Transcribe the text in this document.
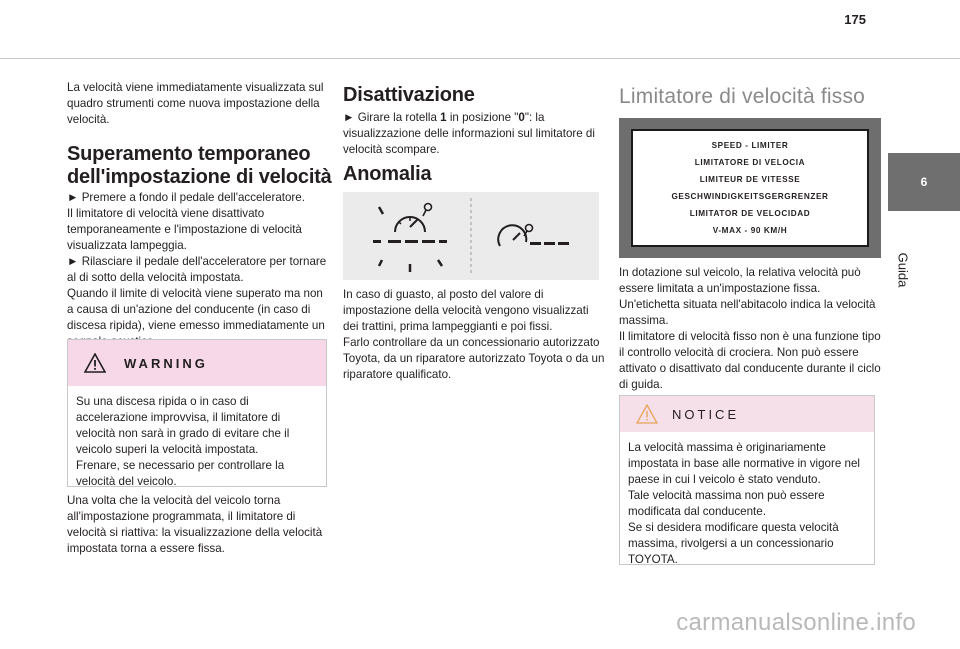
175
6
Guida

La velocità viene immediatamente visualizzata sul quadro strumenti come nuova impostazione della velocità.

Superamento temporaneo dell'impostazione di velocità

► Premere a fondo il pedale dell'acceleratore.

Il limitatore di velocità viene disattivato temporaneamente e l'impostazione di velocità visualizzata lampeggia.

► Rilasciare il pedale dell'acceleratore per tornare al di sotto della velocità impostata.

Quando il limite di velocità viene superato ma non a causa di un'azione del conducente (in caso di discesa ripida), viene emesso immediatamente un

WARNING

Su una discesa ripida o in caso di accelerazione improvvisa, il limitatore di velocità non sarà in grado di evitare che il veicolo superi la velocità impostata.

Frenare, se necessario per controllare la velocità del veicolo.

Una volta che la velocità del veicolo torna all'impostazione programmata, il limitatore di velocità si riattiva: la visualizzazione della velocità impostata torna a essere fissa.

Disattivazione

► Girare la rotella 1 in posizione "0": la visualizzazione delle informazioni sul limitatore di velocità scompare.

Anomalia

In caso di guasto, al posto del valore di impostazione della velocità vengono visualizzati dei trattini, prima lampeggianti e poi fissi.

Farlo controllare da un concessionario autorizzato Toyota, da un riparatore autorizzato Toyota o da un riparatore qualificato.

Limitatore di velocità fisso
SPEED - LIMITER
LIMITATORE DI VELOCIA
LIMITEUR DE VITESSE
GESCHWINDIGKEITSGERGRENZER
LIMITATOR DE VELOCIDAD
V-MAX - 90 KM/H

In dotazione sul veicolo, la relativa velocità può essere limitata a un'impostazione fissa.

Un'etichetta situata nell'abitacolo indica la velocità massima.

Il limitatore di velocità fisso non è una funzione tipo il controllo velocità di crociera. Non può essere attivato o disattivato dal conducente durante il ciclo di guida.

NOTICE

La velocità massima è originariamente impostata in base alle normative in vigore nel paese in cui l veicolo è stato venduto.

Tale velocità massima non può essere modificata dal conducente.

Se si desidera modificare questa velocità massima, rivolgersi a un concessionario TOYOTA.

carmanualsonline.info
